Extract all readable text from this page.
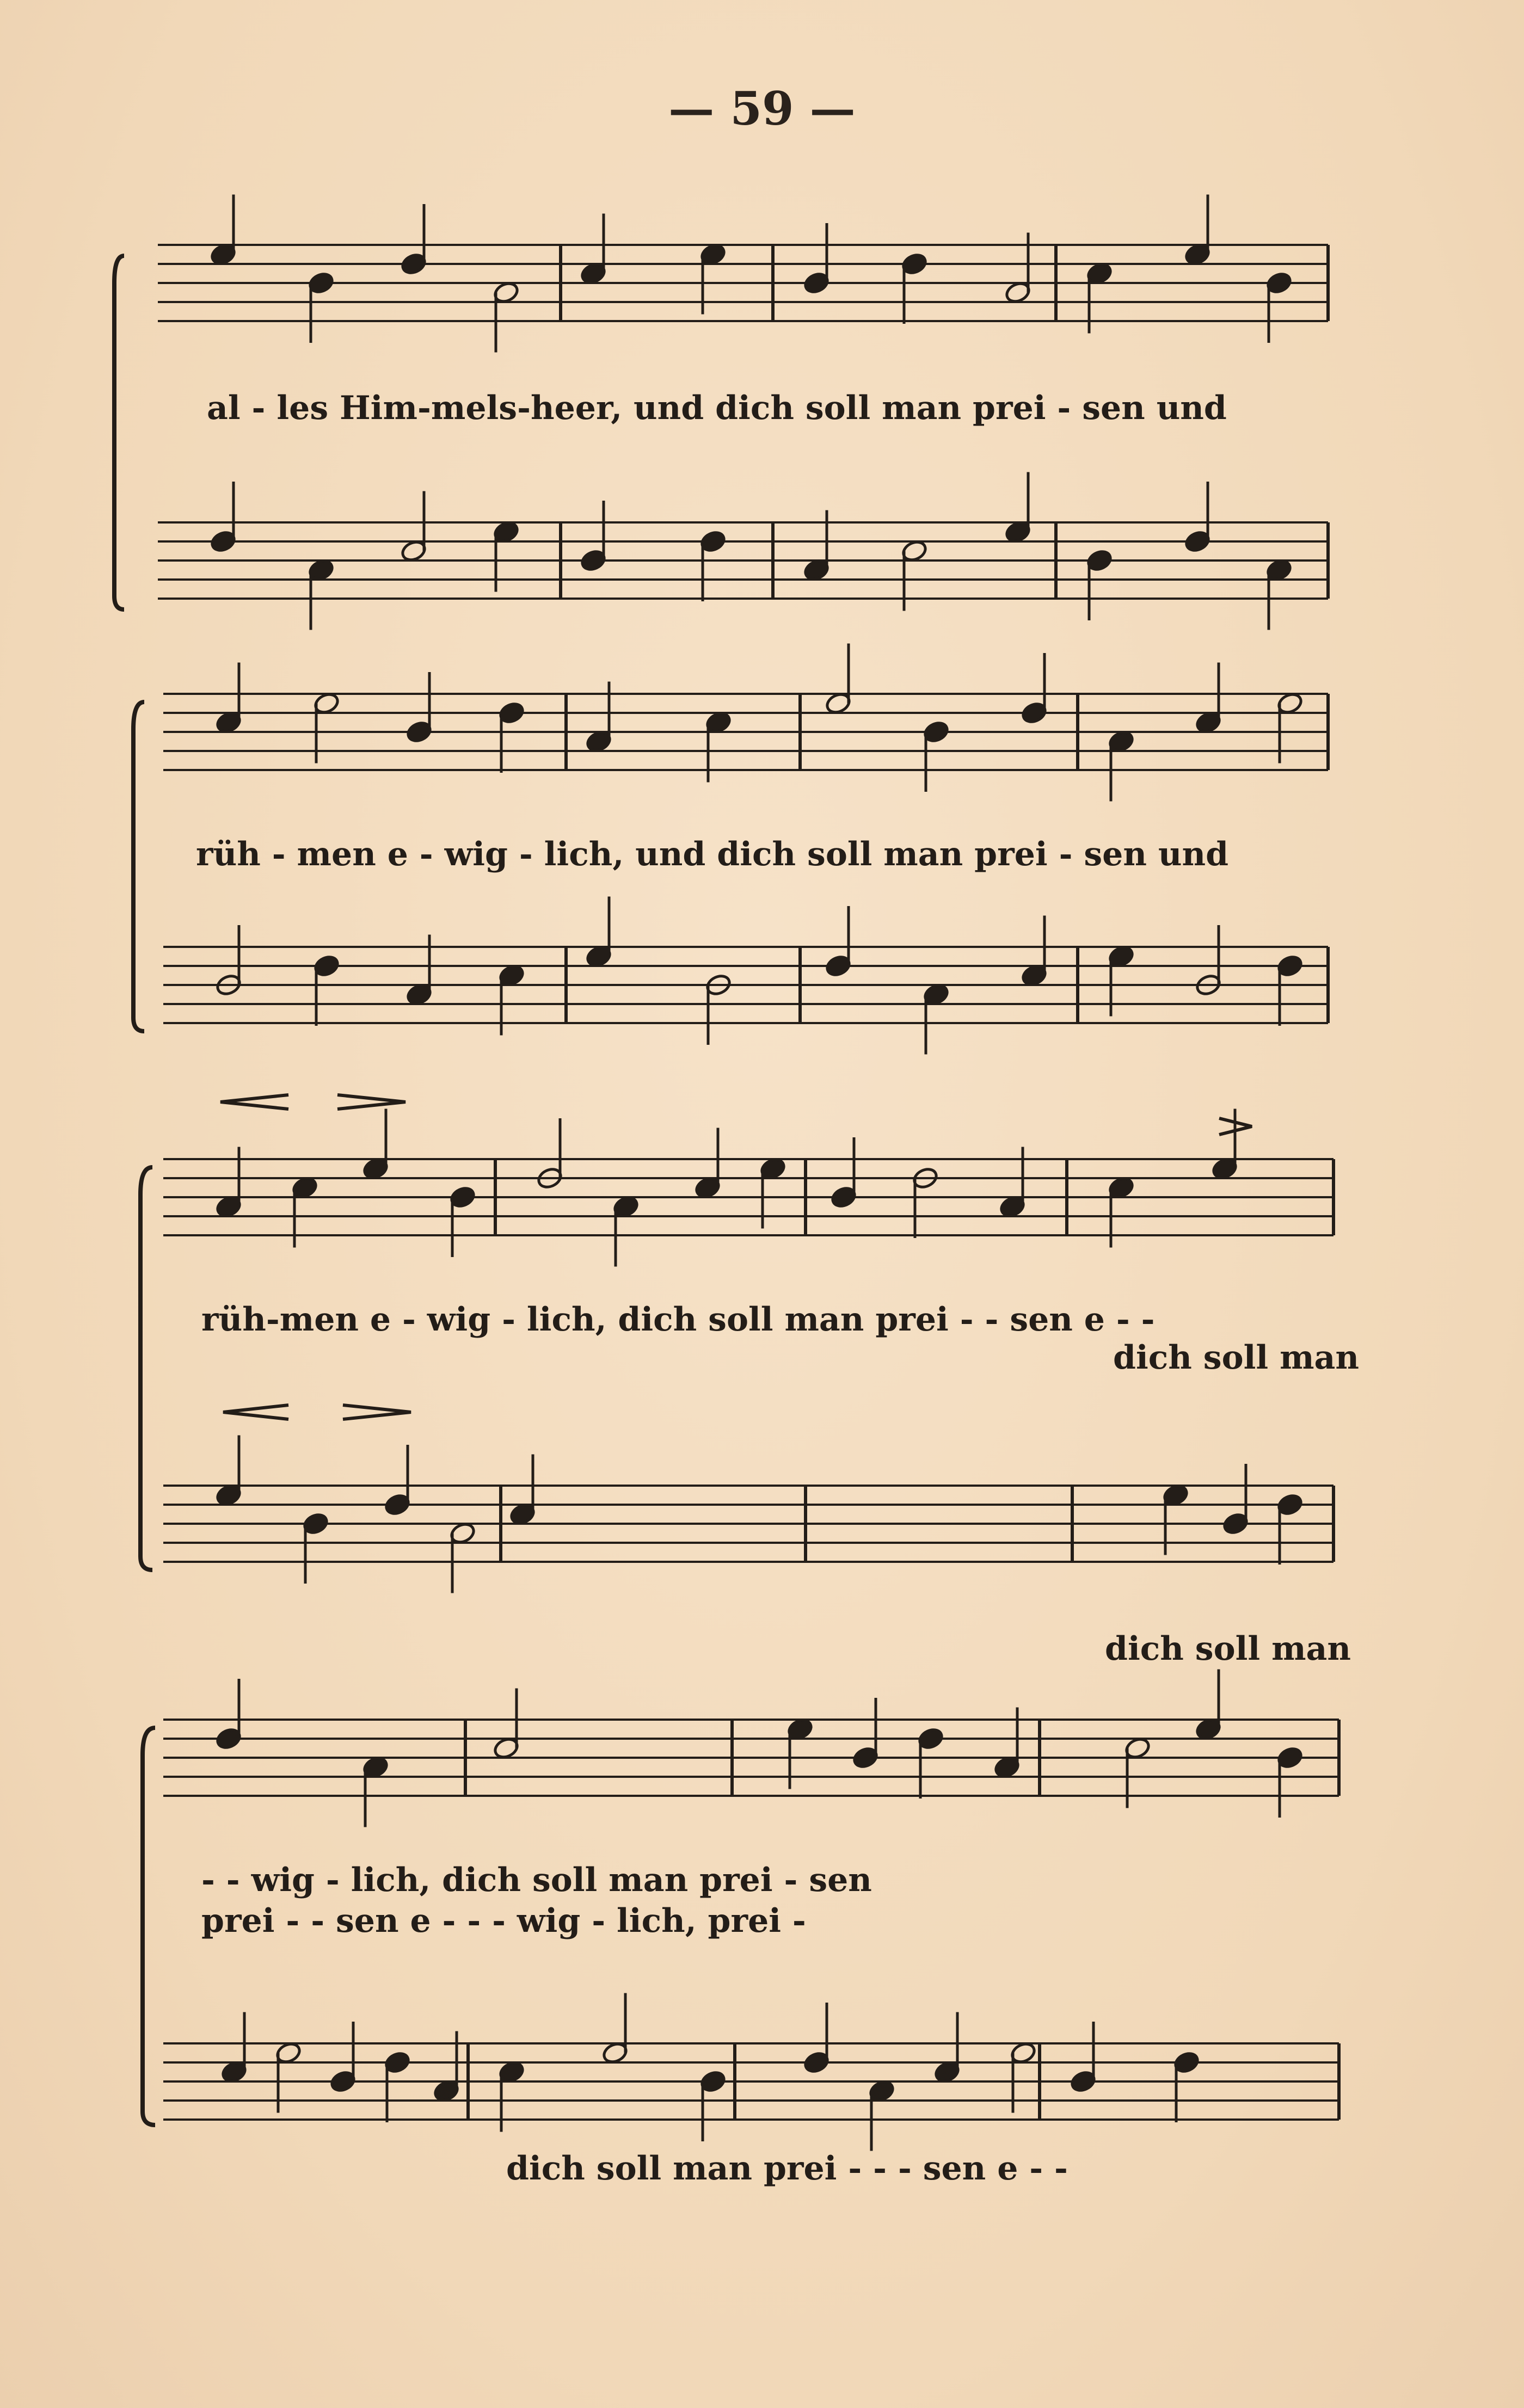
— 59 —
al - les Him-mels-heer, und dich soll man prei - sen und
rüh - men e - wig - lich, und dich soll man prei - sen und
rüh-men e - wig - lich, dich soll man prei - - sen e - -
dich soll man
dich soll man
- - wig - lich, dich soll man prei - sen
prei - - sen e - - - wig - lich, prei -
dich soll man prei - - - sen e - -
